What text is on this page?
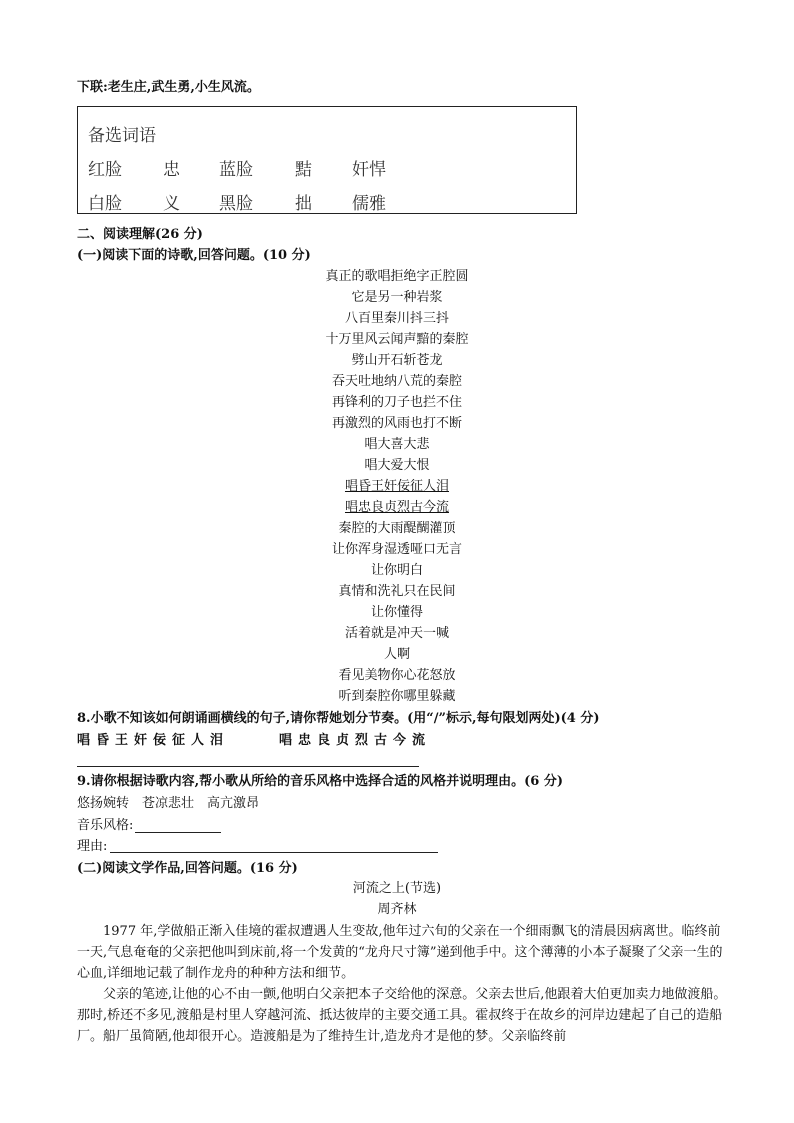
下联:老生庄,武生勇,小生风流。
备选词语
红脸 忠 蓝脸 黠 奸悍
白脸 义 黑脸 拙 儒雅
二、阅读理解(26 分)
(一)阅读下面的诗歌,回答问题。(10 分)
真正的歌唱拒绝字正腔圆
它是另一种岩浆
八百里秦川抖三抖
十万里风云闻声黯的秦腔
劈山开石斩苍龙
吞天吐地纳八荒的秦腔
再锋利的刀子也拦不住
再激烈的风雨也打不断
唱大喜大悲
唱大爱大恨
唱昏王奸佞征人泪
唱忠良贞烈古今流
秦腔的大雨醍醐灌顶
让你浑身湿透哑口无言
让你明白
真情和洗礼只在民间
让你懂得
活着就是冲天一喊
人啊
看见美物你心花怒放
听到秦腔你哪里躲藏
8.小歌不知该如何朗诵画横线的句子,请你帮她划分节奏。(用“/”标示,每句限划两处)(4 分)
唱昏王奸佞征人泪	唱忠良贞烈古今流
9.请你根据诗歌内容,帮小歌从所给的音乐风格中选择合适的风格并说明理由。(6 分)
悠扬婉转　苍凉悲壮　高亢激昂
音乐风格:
理由:
(二)阅读文学作品,回答问题。(16 分)
河流之上(节选)
周齐林
1977 年,学做船正渐入佳境的霍叔遭遇人生变故,他年过六旬的父亲在一个细雨飘飞的清晨因病离世。临终前一天,气息奄奄的父亲把他叫到床前,将一个发黄的“龙舟尺寸簿”递到他手中。这个薄薄的小本子凝聚了父亲一生的心血,详细地记载了制作龙舟的种种方法和细节。
父亲的笔迹,让他的心不由一颤,他明白父亲把本子交给他的深意。父亲去世后,他跟着大伯更加卖力地做渡船。那时,桥还不多见,渡船是村里人穿越河流、抵达彼岸的主要交通工具。霍叔终于在故乡的河岸边建起了自己的造船厂。船厂虽简陋,他却很开心。造渡船是为了维持生计,造龙舟才是他的梦。父亲临终前
